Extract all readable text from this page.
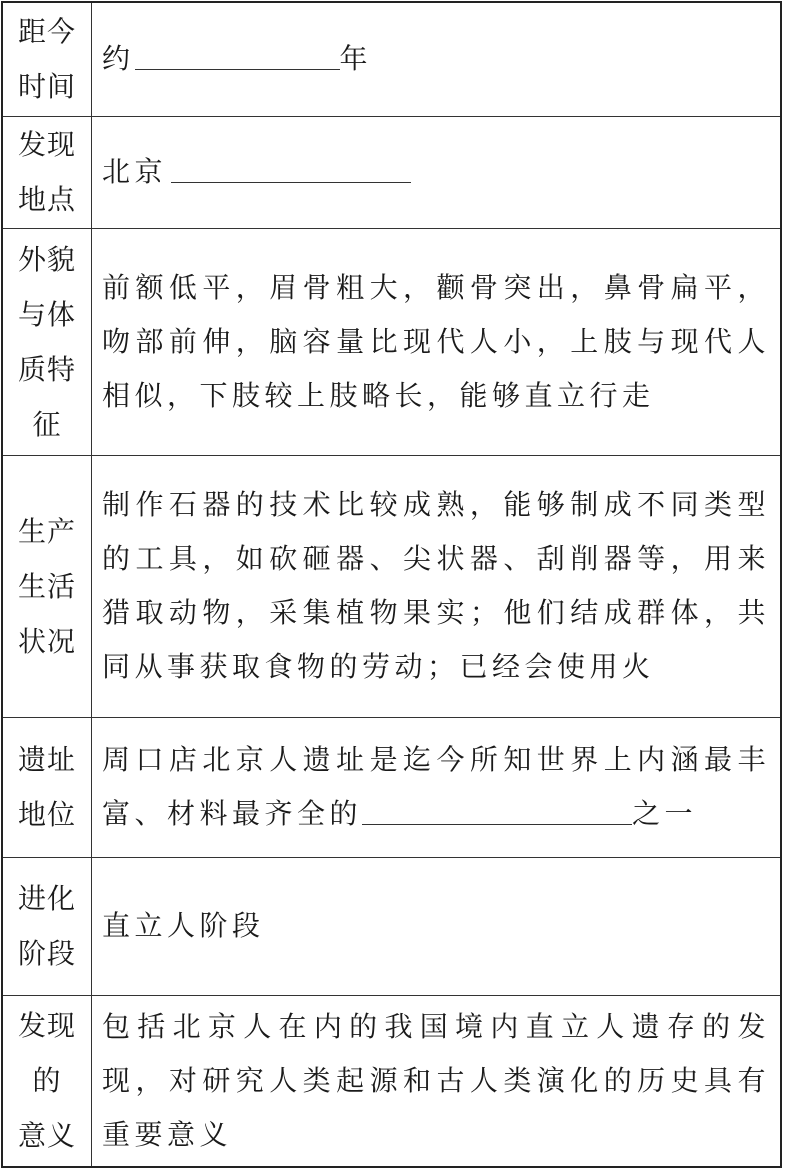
距今
时间	约 年

发现
地点	北京

外貌
与体
质特
征	前额低平，眉骨粗大，颧骨突出，鼻骨扁平，吻部前伸，脑容量比现代人小，上肢与现代人相似，下肢较上肢略长，能够直立行走

生产
生活
状况	制作石器的技术比较成熟，能够制成不同类型的工具，如砍砸器、尖状器、刮削器等，用来猎取动物，采集植物果实；他们结成群体，共同从事获取食物的劳动；已经会使用火

遗址
地位	周口店北京人遗址是迄今所知世界上内涵最丰富、材料最齐全的 之一

进化
阶段	直立人阶段

发现
的
意义	包括北京人在内的我国境内直立人遗存的发现，对研究人类起源和古人类演化的历史具有重要意义
